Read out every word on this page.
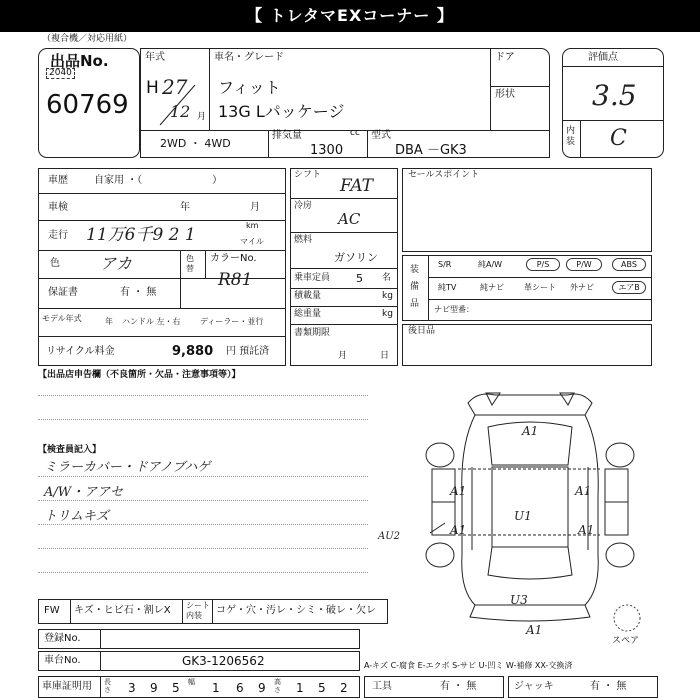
【 トレタマEXコーナー 】
（複合機／対応用紙）
出品No.
2040
60769
年式
H 27
12 月
車名・グレード
フィット
13G Lパッケージ
ドア
形状
2WD ・ 4WD
排気量	cc
1300
型式
DBA －GK3
評価点
3.5
内装 C
車歴	自家用 ・（　　　　　　　）
車検	年	月
走行 11万6千9 2 1	km
マイル
色	アカ	色替
カラーNo.
R81
保証書	有 ・ 無
モデル年式	年 ハンドル 左・右 ディーラー・並行
リサイクル料金	9,880 円 預託済
シフト
FAT
冷房
AC
燃料
ガソリン
乗車定員 5 名
積載量	kg
総重量	kg
書類期限
月	日
セールスポイント
装備品
S/R	純A/W	P/S	P/W	ABS
純TV	純ナビ	革シート 外ナビ	エアB
ナビ型番：
後日品
【出品店申告欄（不良箇所・欠品・注意事項等）】
【検査員記入】
ミラーカバー・ドアノブハゲ
A/W・アアセ
トリムキズ
A1
A1	A1
U1
A1	A1
AU2
U3
A1
スペア
FW キズ・ヒビ石・割レX シート内装	コゲ・穴・汚レ・シミ・破レ・欠レ
登録No.
車台No.	GK3-1206562	A-キズ C-腐食 E-エクボ S-サビ U-凹ミ W-補修 XX-交換済
車庫証明用 長さ 3 9 5 幅 1 6 9 高さ 1 5 2 工具	有 ・ 無	ジャッキ	有 ・ 無
